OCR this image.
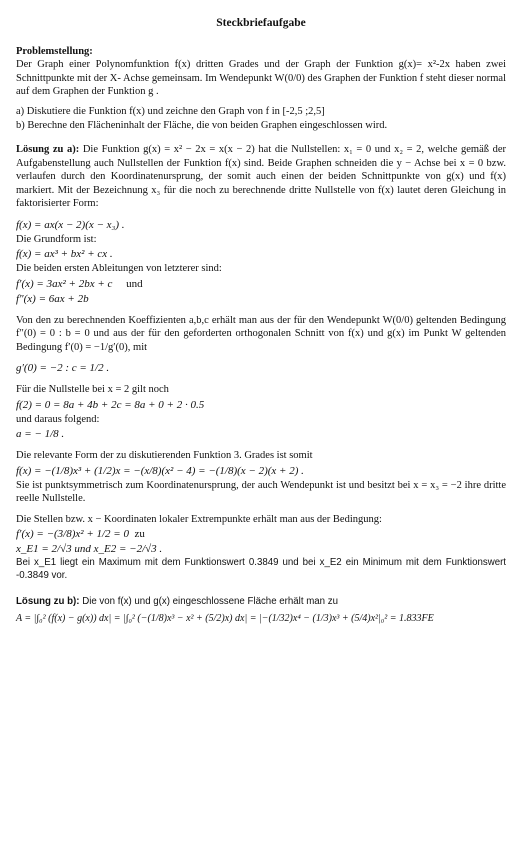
Steckbriefaufgabe
Problemstellung:

Der Graph einer Polynomfunktion f(x) dritten Grades und der Graph der Funktion g(x)= x²-2x haben zwei Schnittpunkte mit der X- Achse gemeinsam. Im Wendepunkt W(0/0) des Graphen der Funktion f steht dieser normal auf dem Graphen der Funktion g .

a) Diskutiere die Funktion f(x) und zeichne den Graph von f in [-2,5 ;2,5]

b) Berechne den Flächeninhalt der Fläche, die von beiden Graphen eingeschlossen wird.

Lösung zu a): Die Funktion g(x) = x² − 2x = x(x − 2) hat die Nullstellen: x₁ = 0 und x₂ = 2, welche gemäß der Aufgabenstellung auch Nullstellen der Funktion f(x) sind. Beide Graphen schneiden die y − Achse bei x = 0 bzw. verlaufen durch den Koordinatenursprung, der somit auch einen der beiden Schnittpunkte von g(x) und f(x) markiert. Mit der Bezeichnung x₃ für die noch zu berechnende dritte Nullstelle von f(x) lautet deren Gleichung in faktorisierter Form:
f(x) = ax(x − 2)(x − x₃) .

Die Grundform ist:

f(x) = ax³ + bx² + cx .

Die beiden ersten Ableitungen von letzterer sind:

f′(x) = 3ax² + 2bx + c und
f″(x) = 6ax + 2b

Von den zu berechnenden Koeffizienten a,b,c erhält man aus der für den Wendepunkt W(0/0) geltenden Bedingung f″(0) = 0 : b = 0 und aus der für den geforderten orthogonalen Schnitt von f(x) und g(x) im Punkt W geltenden Bedingung f′(0) = −1/g′(0), mit

g′(0) = −2 : c = 1/2 .

Für die Nullstelle bei x = 2 gilt noch

f(2) = 0 = 8a + 4b + 2c = 8a + 0 + 2 · 0.5

und daraus folgend:

a = − 1/8 .

Die relevante Form der zu diskutierenden Funktion 3. Grades ist somit

f(x) = −(1/8)x³ + (1/2)x = −(x/8)(x² − 4) = −(1/8)(x − 2)(x + 2) .

Sie ist punktsymmetrisch zum Koordinatenursprung, der auch Wendepunkt ist und besitzt bei x = x₃ = −2 ihre dritte reelle Nullstelle.

Die Stellen bzw. x − Koordinaten lokaler Extrempunkte erhält man aus der Bedingung:

f′(x) = −(3/8)x² + 1/2 = 0 zu
x_E1 = 2/√3 und x_E2 = −2/√3 .

Bei x_E1 liegt ein Maximum mit dem Funktionswert 0.3849 und bei x_E2 ein Minimum mit dem Funktionswert -0.3849 vor.

Lösung zu b): Die von f(x) und g(x) eingeschlossene Fläche erhält man zu
A = |∫₀² (f(x) − g(x)) dx| = |∫₀² (−(1/8)x³ − x² + (5/2)x) dx| = |−(1/32)x⁴ − (1/3)x³ + (5/4)x²|₀² = 1.833FE
